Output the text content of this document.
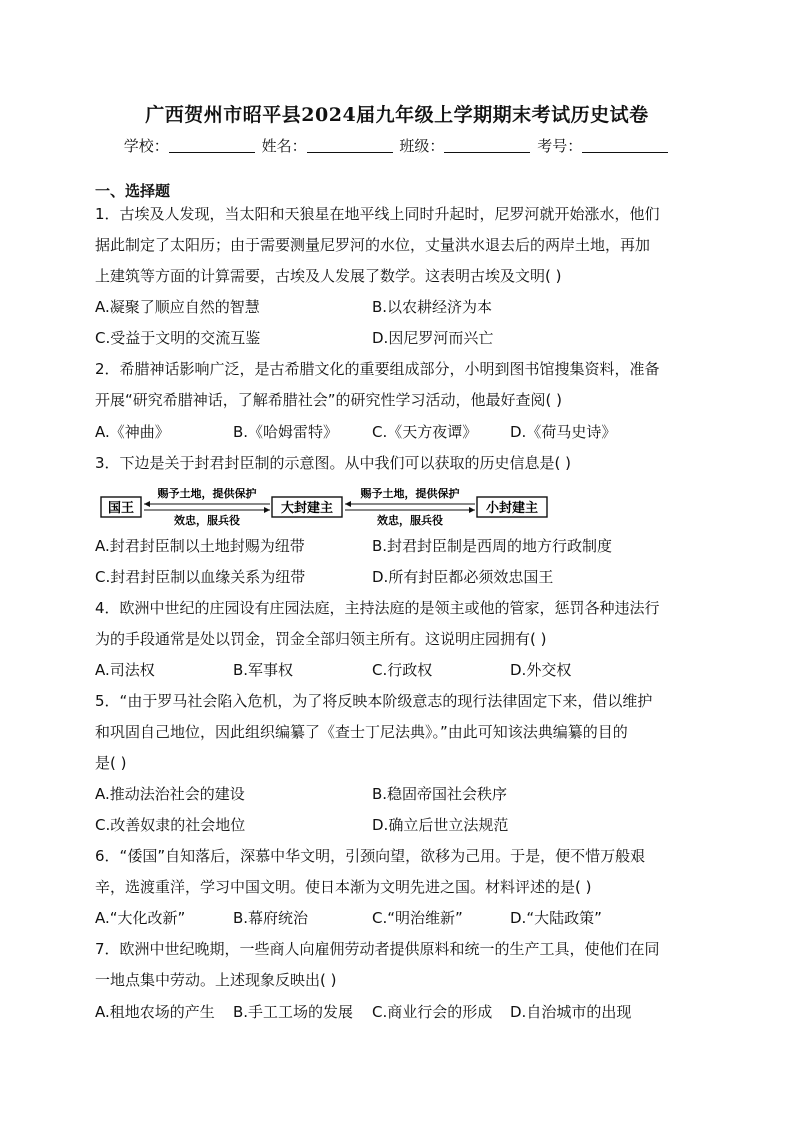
广西贺州市昭平县2024届九年级上学期期末考试历史试卷
学校：	姓名：	班级：	考号：
一、选择题
1．古埃及人发现，当太阳和天狼星在地平线上同时升起时，尼罗河就开始涨水，他们
据此制定了太阳历；由于需要测量尼罗河的水位，丈量洪水退去后的两岸土地，再加
上建筑等方面的计算需要，古埃及人发展了数学。这表明古埃及文明( )
A.凝聚了顺应自然的智慧	B.以农耕经济为本
C.受益于文明的交流互鉴	D.因尼罗河而兴亡
2．希腊神话影响广泛，是古希腊文化的重要组成部分，小明到图书馆搜集资料，准备
开展“研究希腊神话，了解希腊社会”的研究性学习活动，他最好查阅( )
A.《神曲》	B.《哈姆雷特》 C.《天方夜谭》 D.《荷马史诗》
3．下边是关于封君封臣制的示意图。从中我们可以获取的历史信息是( )
国王	大封建主	小封建主
赐予土地，提供保护
效忠，服兵役
赐予土地，提供保护
效忠，服兵役
A.封君封臣制以土地封赐为纽带	B.封君封臣制是西周的地方行政制度
C.封君封臣制以血缘关系为纽带	D.所有封臣都必须效忠国王
4．欧洲中世纪的庄园设有庄园法庭，主持法庭的是领主或他的管家，惩罚各种违法行
为的手段通常是处以罚金，罚金全部归领主所有。这说明庄园拥有( )
A.司法权	B.军事权	C.行政权	D.外交权
5．“由于罗马社会陷入危机，为了将反映本阶级意志的现行法律固定下来，借以维护
和巩固自己地位，因此组织编纂了《查士丁尼法典》。”由此可知该法典编纂的目的
是( )
A.推动法治社会的建设	B.稳固帝国社会秩序
C.改善奴隶的社会地位	D.确立后世立法规范
6．“倭国”自知落后，深慕中华文明，引颈向望，欲移为己用。于是，便不惜万般艰
辛，选渡重洋，学习中国文明。使日本渐为文明先进之国。材料评述的是( )
A.“大化改新”	B.幕府统治	C.“明治维新”	D.“大陆政策”
7．欧洲中世纪晚期，一些商人向雇佣劳动者提供原料和统一的生产工具，使他们在同
一地点集中劳动。上述现象反映出( )
A.租地农场的产生 B.手工工场的发展 C.商业行会的形成 D.自治城市的出现
